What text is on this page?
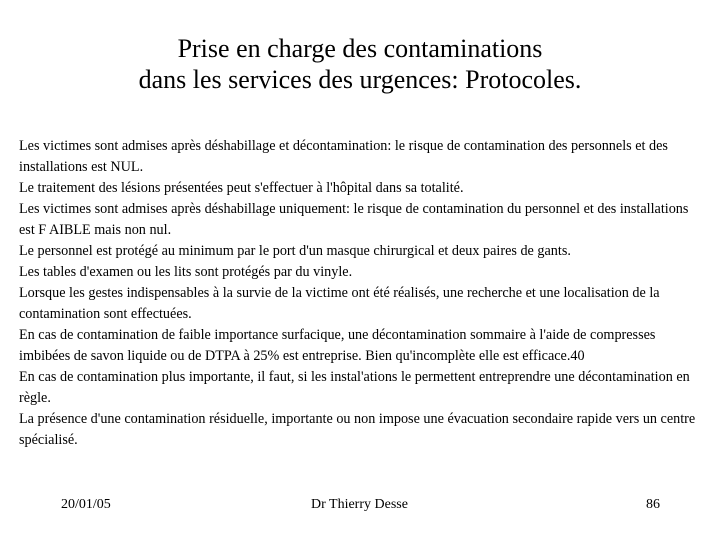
Prise en charge des contaminations
dans les services des urgences: Protocoles.

Les victimes sont admises après déshabillage et décontamination: le risque de contamination des personnels et des installations est NUL.

Le traitement des lésions présentées peut s'effectuer à l'hôpital dans sa totalité.

Les victimes sont admises après déshabillage uniquement: le risque de contamination du personnel et des installations est F AIBLE mais non nul.

Le personnel est protégé au minimum par le port d'un masque chirurgical et deux paires de gants.

Les tables d'examen ou les lits sont protégés par du vinyle.

Lorsque les gestes indispensables à la survie de la victime ont été réalisés, une recherche et une localisation de la contamination sont effectuées.

En cas de contamination de faible importance surfacique, une décontamination sommaire à l'aide de compresses imbibées de savon liquide ou de DTPA à 25% est entreprise. Bien qu'incomplète elle est efficace.40

En cas de contamination plus importante, il faut, si les instal'ations le permettent entreprendre une décontamination en règle.

La présence d'une contamination résiduelle, importante ou non impose une évacuation secondaire rapide vers un centre spécialisé.

20/01/05	Dr Thierry Desse	86
